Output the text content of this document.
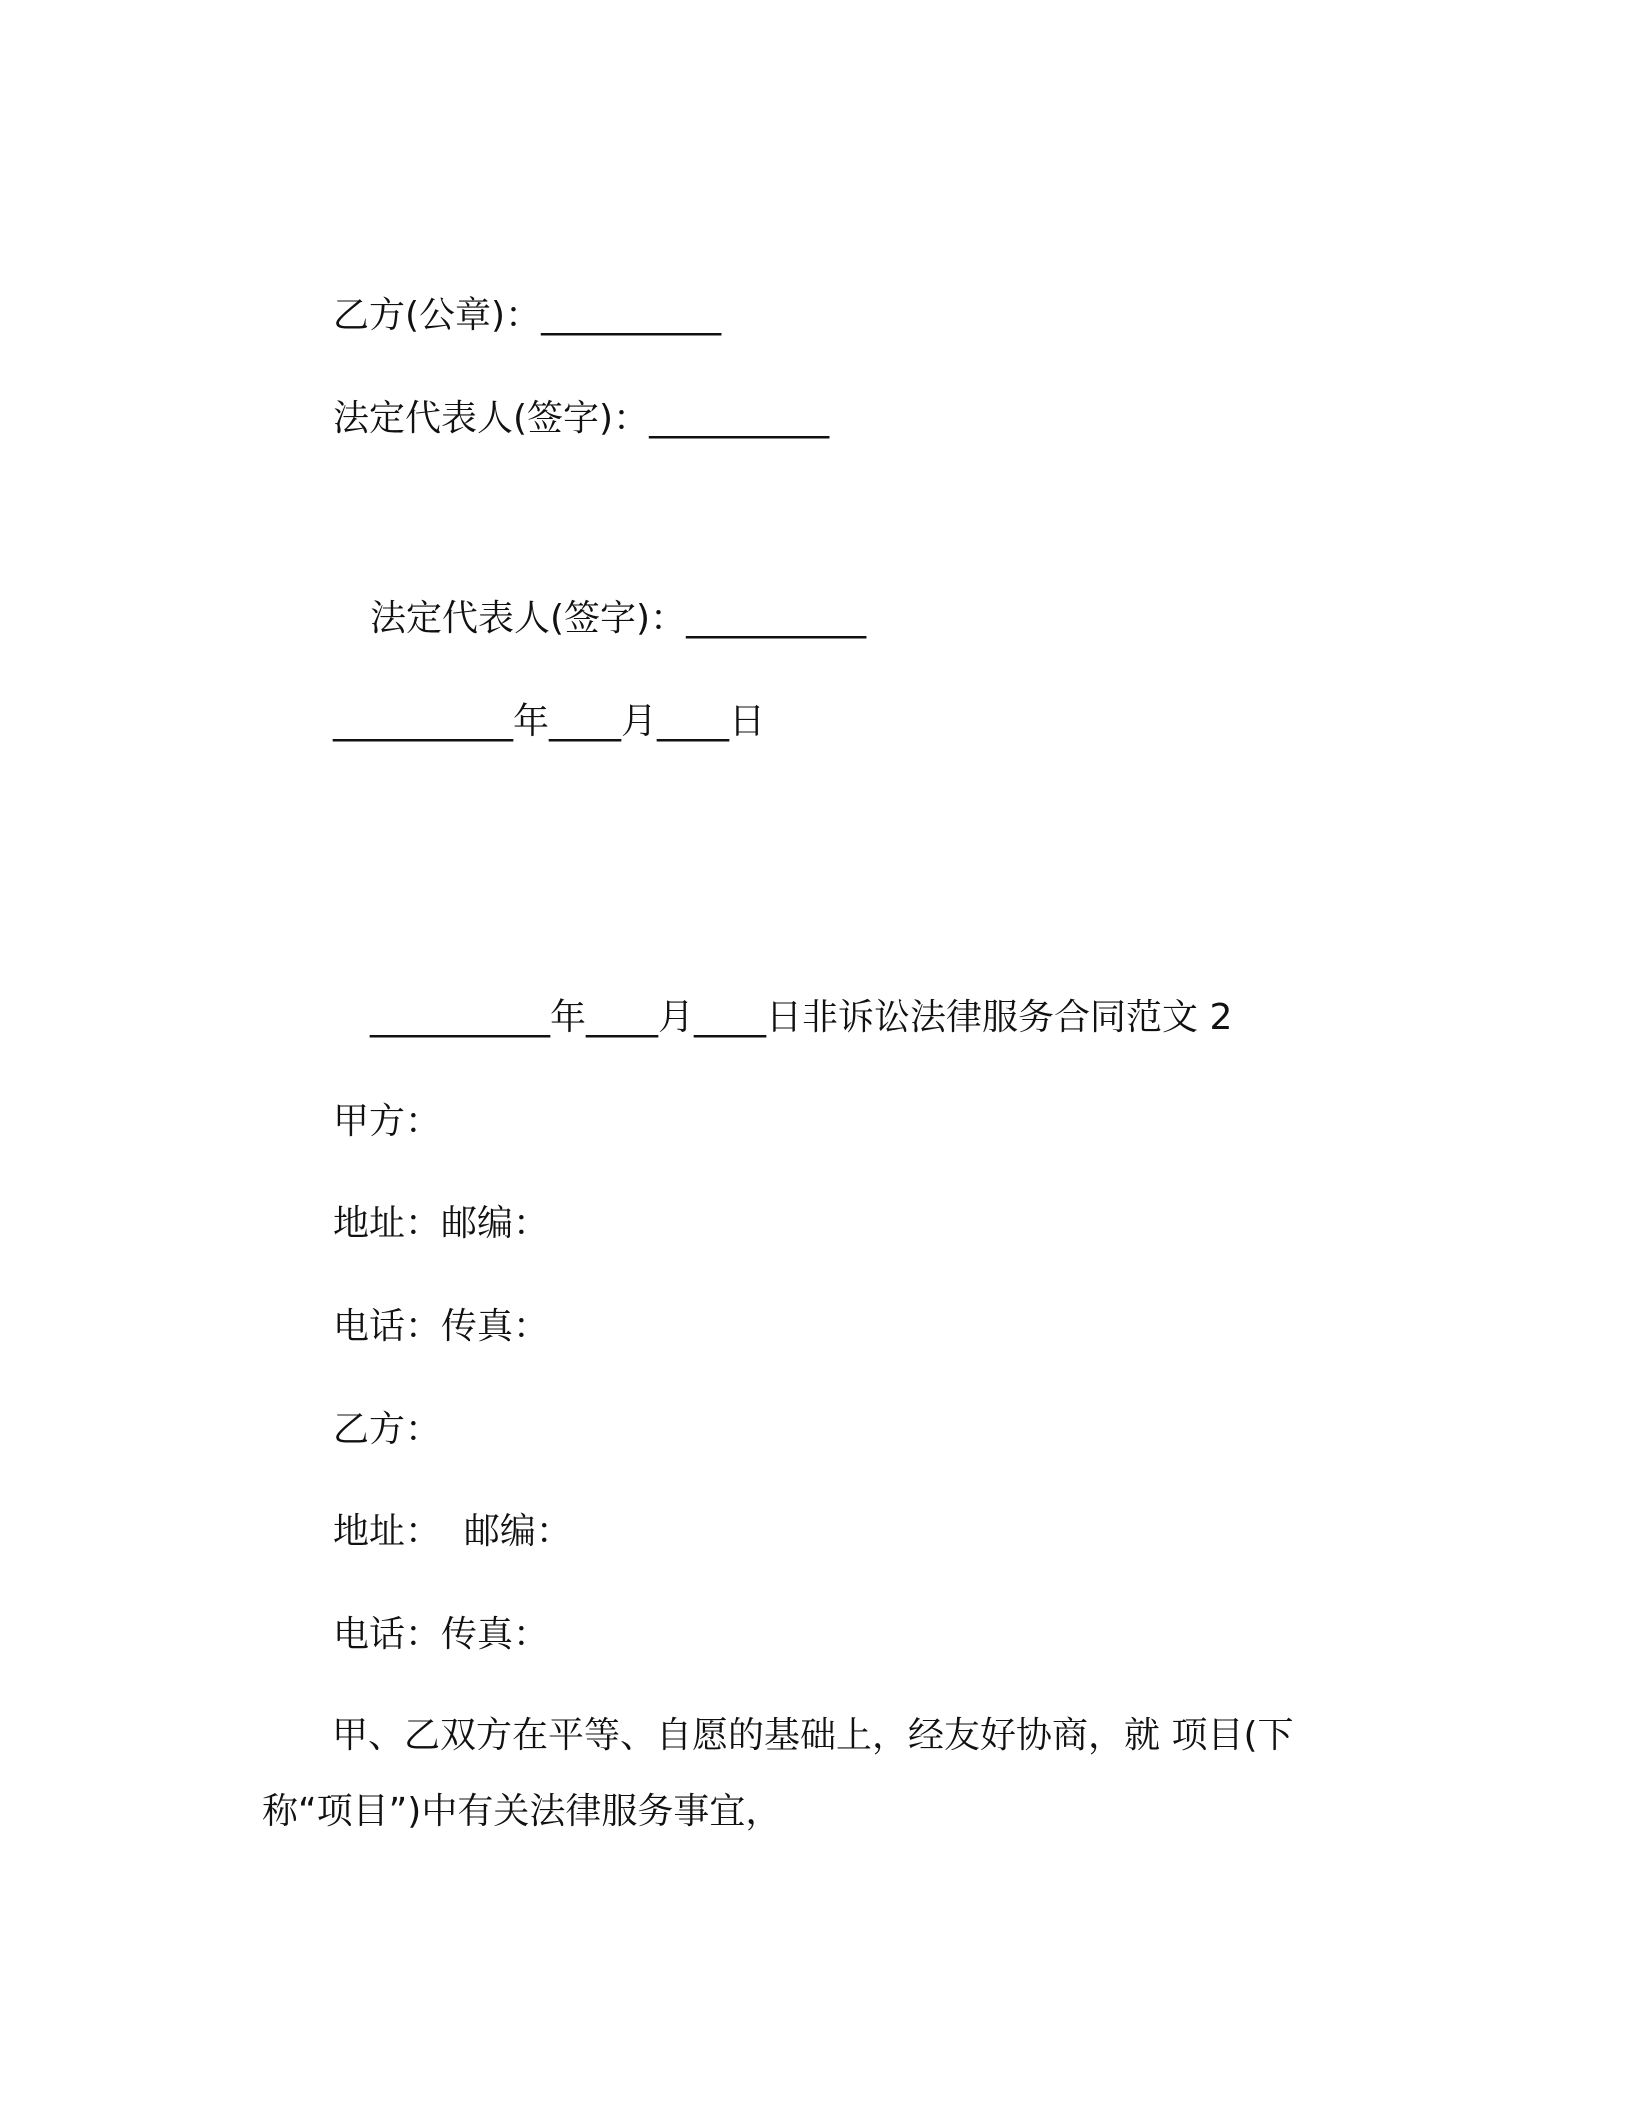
乙方(公章)：__________
法定代表人(签字)：__________
法定代表人(签字)：__________
__________年____月____日
__________年____月____日非诉讼法律服务合同范文 2
甲方：
地址：邮编：
电话：传真：
乙方：
地址：  邮编：
电话：传真：
甲、乙双方在平等、自愿的基础上，经友好协商，就 项目(下称“项目”)中有关法律服务事宜，
